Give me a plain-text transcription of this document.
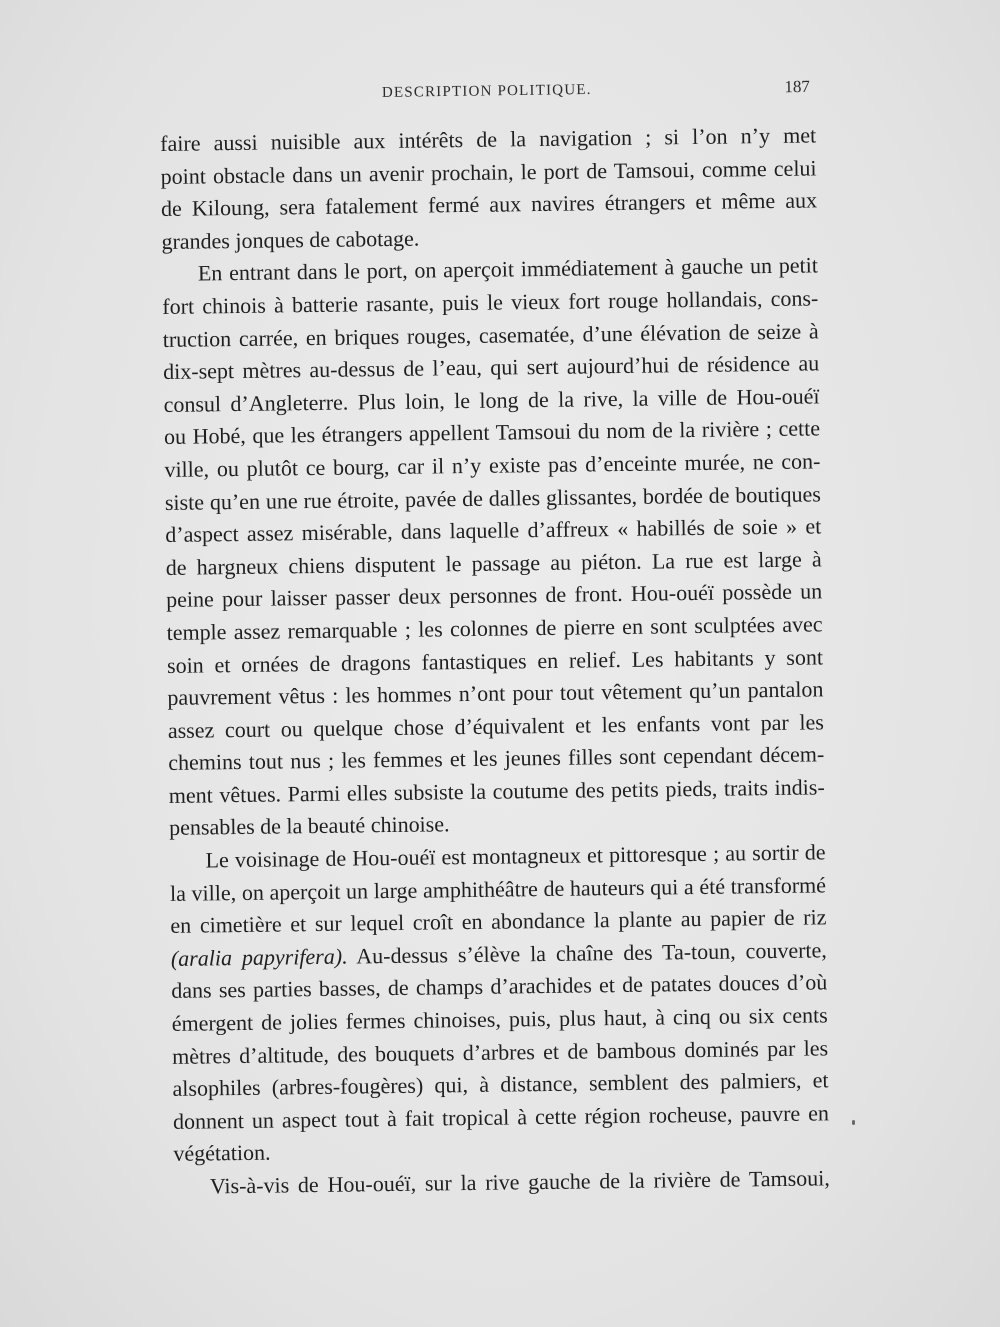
DESCRIPTION POLITIQUE.	187
faire aussi nuisible aux intérêts de la navigation ; si l’on n’y met
point obstacle dans un avenir prochain, le port de Tamsoui, comme celui
de Kiloung, sera fatalement fermé aux navires étrangers et même aux
grandes jonques de cabotage.
En entrant dans le port, on aperçoit immédiatement à gauche un petit
fort chinois à batterie rasante, puis le vieux fort rouge hollandais, cons-
truction carrée, en briques rouges, casematée, d’une élévation de seize à
dix-sept mètres au-dessus de l’eau, qui sert aujourd’hui de résidence au
consul d’Angleterre. Plus loin, le long de la rive, la ville de Hou-ouéï
ou Hobé, que les étrangers appellent Tamsoui du nom de la rivière ; cette
ville, ou plutôt ce bourg, car il n’y existe pas d’enceinte murée, ne con-
siste qu’en une rue étroite, pavée de dalles glissantes, bordée de boutiques
d’aspect assez misérable, dans laquelle d’affreux « habillés de soie » et
de hargneux chiens disputent le passage au piéton. La rue est large à
peine pour laisser passer deux personnes de front. Hou-ouéï possède un
temple assez remarquable ; les colonnes de pierre en sont sculptées avec
soin et ornées de dragons fantastiques en relief. Les habitants y sont
pauvrement vêtus : les hommes n’ont pour tout vêtement qu’un pantalon
assez court ou quelque chose d’équivalent et les enfants vont par les
chemins tout nus ; les femmes et les jeunes filles sont cependant décem-
ment vêtues. Parmi elles subsiste la coutume des petits pieds, traits indis-
pensables de la beauté chinoise.
Le voisinage de Hou-ouéï est montagneux et pittoresque ; au sortir de
la ville, on aperçoit un large amphithéâtre de hauteurs qui a été transformé
en cimetière et sur lequel croît en abondance la plante au papier de riz
(aralia papyrifera). Au-dessus s’élève la chaîne des Ta-toun, couverte,
dans ses parties basses, de champs d’arachides et de patates douces d’où
émergent de jolies fermes chinoises, puis, plus haut, à cinq ou six cents
mètres d’altitude, des bouquets d’arbres et de bambous dominés par les
alsophiles (arbres-fougères) qui, à distance, semblent des palmiers, et
donnent un aspect tout à fait tropical à cette région rocheuse, pauvre en
végétation.
Vis-à-vis de Hou-ouéï, sur la rive gauche de la rivière de Tamsoui,
